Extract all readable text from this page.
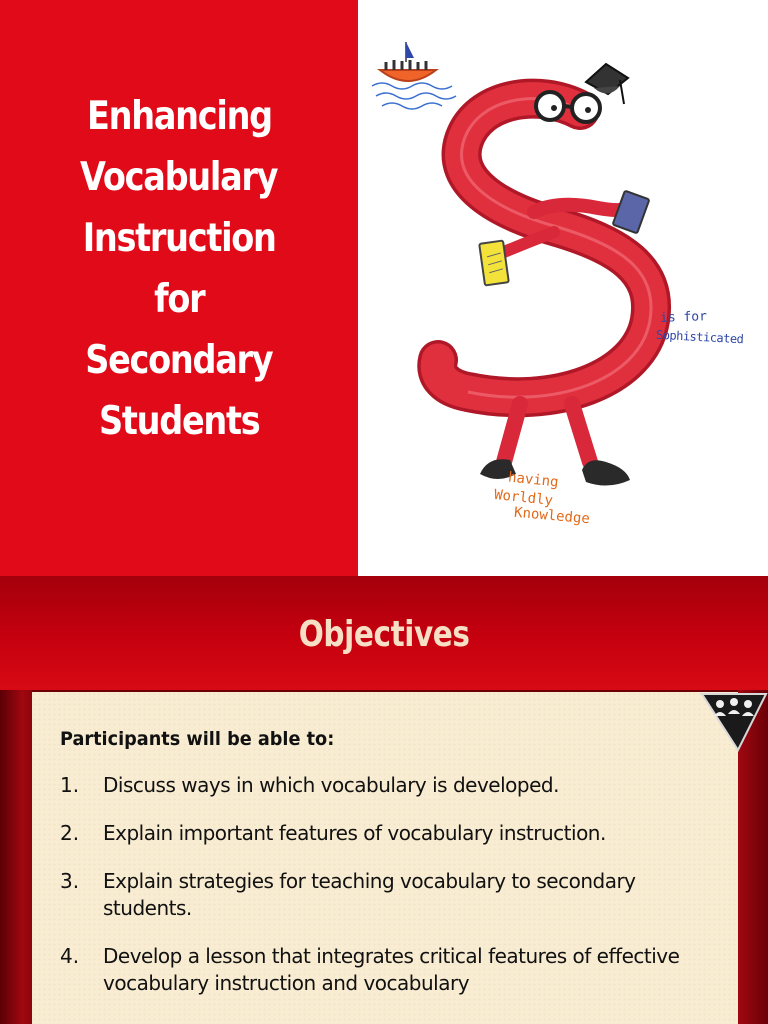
Enhancing
Vocabulary
Instruction
for
Secondary
Students
is for
Sophisticated
having
Worldly
Knowledge
Objectives
Participants will be able to:
1.	Discuss ways in which vocabulary is developed.
2.	Explain important features of vocabulary instruction.
3.	Explain strategies for teaching vocabulary to secondary students.
4.	Develop a lesson that integrates critical features of effective vocabulary instruction and vocabulary
